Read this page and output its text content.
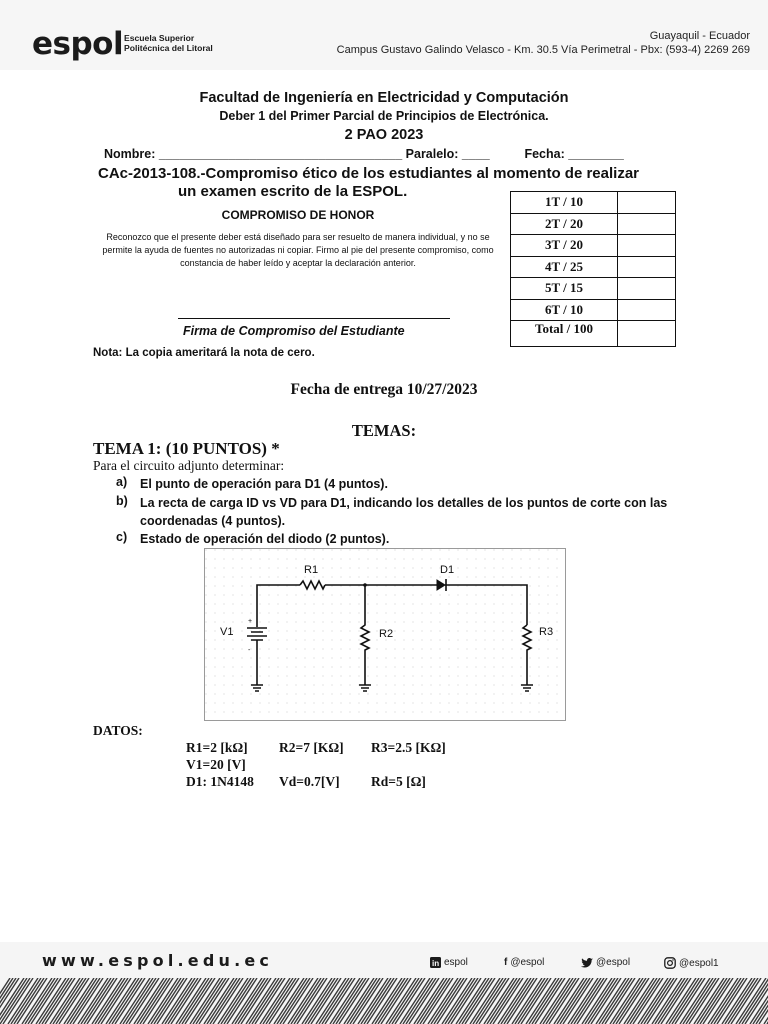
espol Escuela Superior
Politécnica del Litoral
Guayaquil - Ecuador
Campus Gustavo Galindo Velasco - Km. 30.5 Vía Perimetral - Pbx: (593-4) 2269 269
Facultad de Ingeniería en Electricidad y Computación
Deber 1 del Primer Parcial de Principios de Electrónica.
2 PAO 2023
Nombre: ___________________________________ Paralelo: ____          Fecha: ________
CAc-2013-108.-Compromiso ético de los estudiantes al momento de realizar
un examen escrito de la ESPOL.
COMPROMISO DE HONOR
Reconozco que el presente deber está diseñado para ser resuelto de manera individual, y no se permite la ayuda de fuentes no autorizadas ni copiar. Firmo al pie del presente compromiso, como constancia de haber leído y aceptar la declaración anterior.
Firma de Compromiso del Estudiante
Nota: La copia ameritará la nota de cero.
1T / 10	
2T / 20	
3T / 20	
4T / 25	
5T / 15	
6T / 10	
Total / 100	
Fecha de entrega 10/27/2023
TEMAS:
TEMA 1: (10 PUNTOS) *
Para el circuito adjunto determinar:
a) El punto de operación para D1 (4 puntos).
b) La recta de carga ID vs VD para D1, indicando los detalles de los puntos de corte con las coordenadas (4 puntos).
c) Estado de operación del diodo (2 puntos).
R1	D1
V1	R2	R3
+
-
DATOS:
R1=2 [kΩ] R2=7 [KΩ] R3=2.5 [KΩ]
V1=20 [V]
D1: 1N4148 Vd=0.7[V] Rd=5 [Ω]
www.espol.edu.ec	in espol	f @espol	@espol	@espol1
